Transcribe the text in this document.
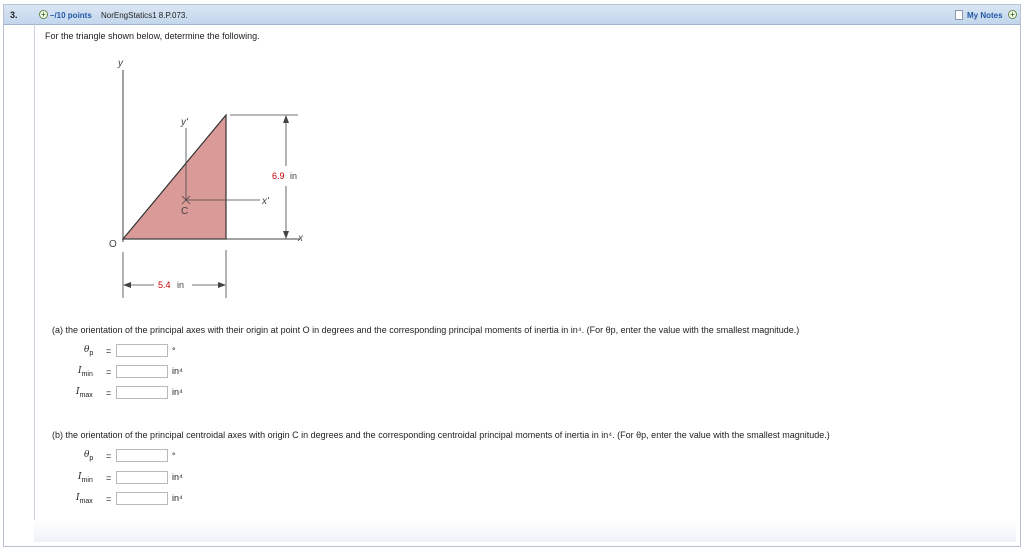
3.	+ –/10 points NorEngStatics1 8.P.073.	My Notes +
For the triangle shown below, determine the following.
y
x
y'
x'
C
O
6.9 in
5.4 in
(a) the orientation of the principal axes with their origin at point O in degrees and the corresponding principal moments of inertia in in⁴. (For θp, enter the value with the smallest magnitude.)
$\theta_p$ =	°
$I_{min}$ =	in⁴
$I_{max}$ =	in⁴
(b) the orientation of the principal centroidal axes with origin C in degrees and the corresponding centroidal principal moments of inertia in in⁴. (For θp, enter the value with the smallest magnitude.)
$\theta_p$ =	°
$I_{min}$ =	in⁴
$I_{max}$ =	in⁴
